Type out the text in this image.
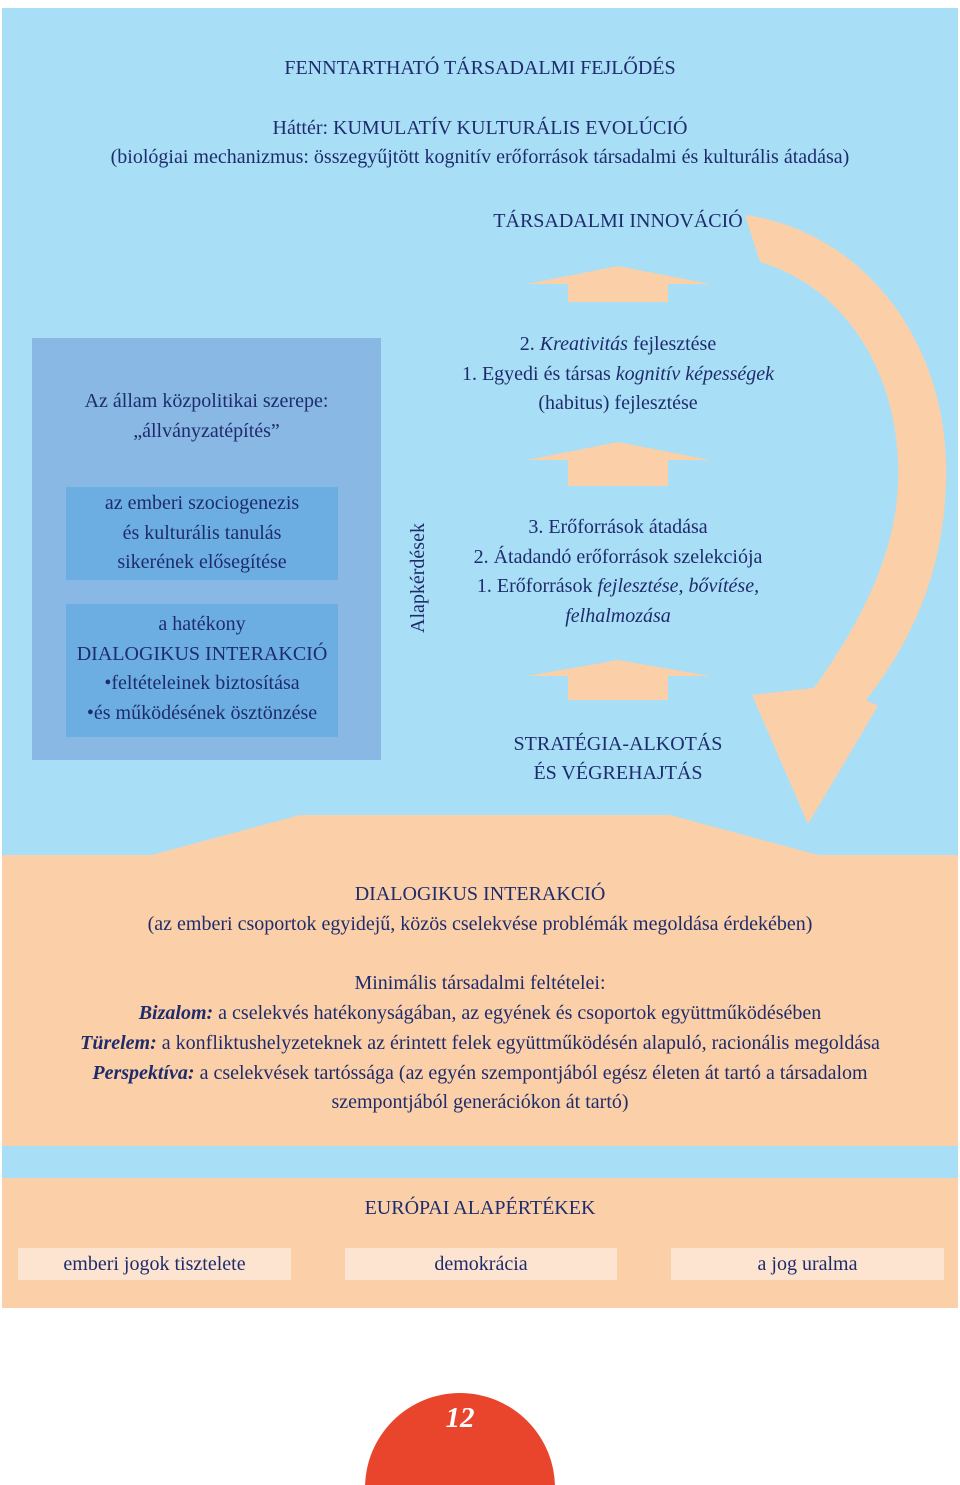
FENNTARTHATÓ TÁRSADALMI FEJLŐDÉS
Háttér: KUMULATÍV KULTURÁLIS EVOLÚCIÓ
(biológiai mechanizmus: összegyűjtött kognitív erőforrások társadalmi és kulturális átadása)
TÁRSADALMI INNOVÁCIÓ
Az állam közpolitikai szerepe:
„állványzatépítés”
az emberi szociogenezis
és kulturális tanulás
sikerének elősegítése
a hatékony
DIALOGIKUS INTERAKCIÓ
•feltételeinek biztosítása
•és működésének ösztönzése
Alapkérdések
2. Kreativitás fejlesztése
1. Egyedi és társas kognitív képességek
(habitus) fejlesztése
3. Erőforrások átadása
2. Átadandó erőforrások szelekciója
1. Erőforrások fejlesztése, bővítése,
felhalmozása
STRATÉGIA-ALKOTÁS
ÉS VÉGREHAJTÁS
DIALOGIKUS INTERAKCIÓ
(az emberi csoportok egyidejű, közös cselekvése problémák megoldása érdekében)
Minimális társadalmi feltételei:
Bizalom: a cselekvés hatékonyságában, az egyének és csoportok együttműködésében
Türelem: a konfliktushelyzeteknek az érintett felek együttműködésén alapuló, racionális megoldása
Perspektíva: a cselekvések tartóssága (az egyén szempontjából egész életen át tartó a társadalom
szempontjából generációkon át tartó)
EURÓPAI ALAPÉRTÉKEK
emberi jogok tisztelete	demokrácia	a jog uralma
12
